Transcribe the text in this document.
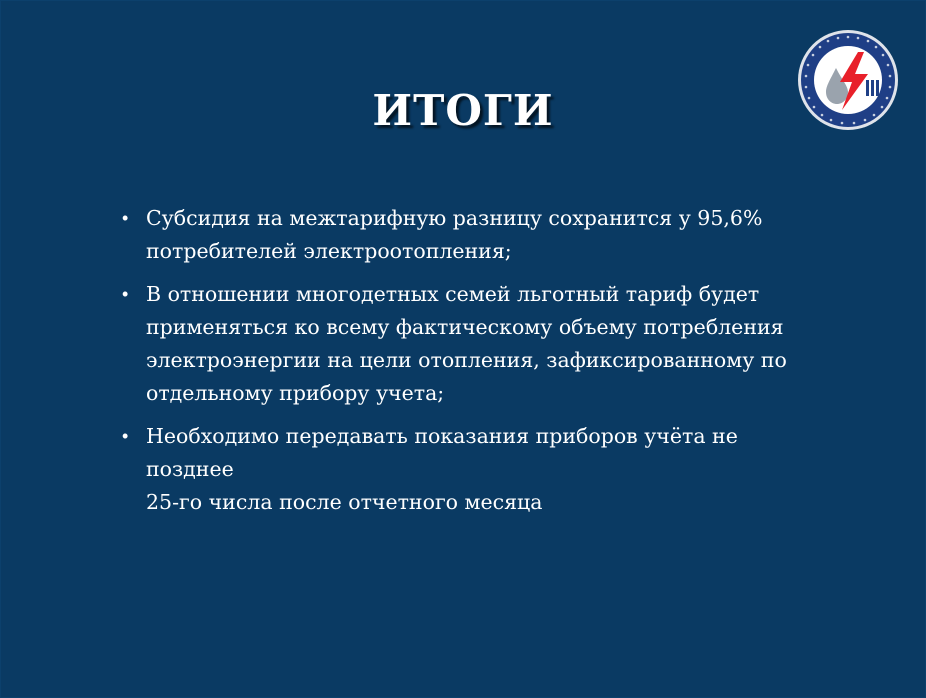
ИТОГИ
• Субсидия на межтарифную разницу сохранится у 95,6%
потребителей электроотопления;
• В отношении многодетных семей льготный тариф будет
применяться ко всему фактическому объему потребления
электроэнергии на цели отопления, зафиксированному по
отдельному прибору учета;
• Необходимо передавать показания приборов учёта не позднее
25-го числа после отчетного месяца
